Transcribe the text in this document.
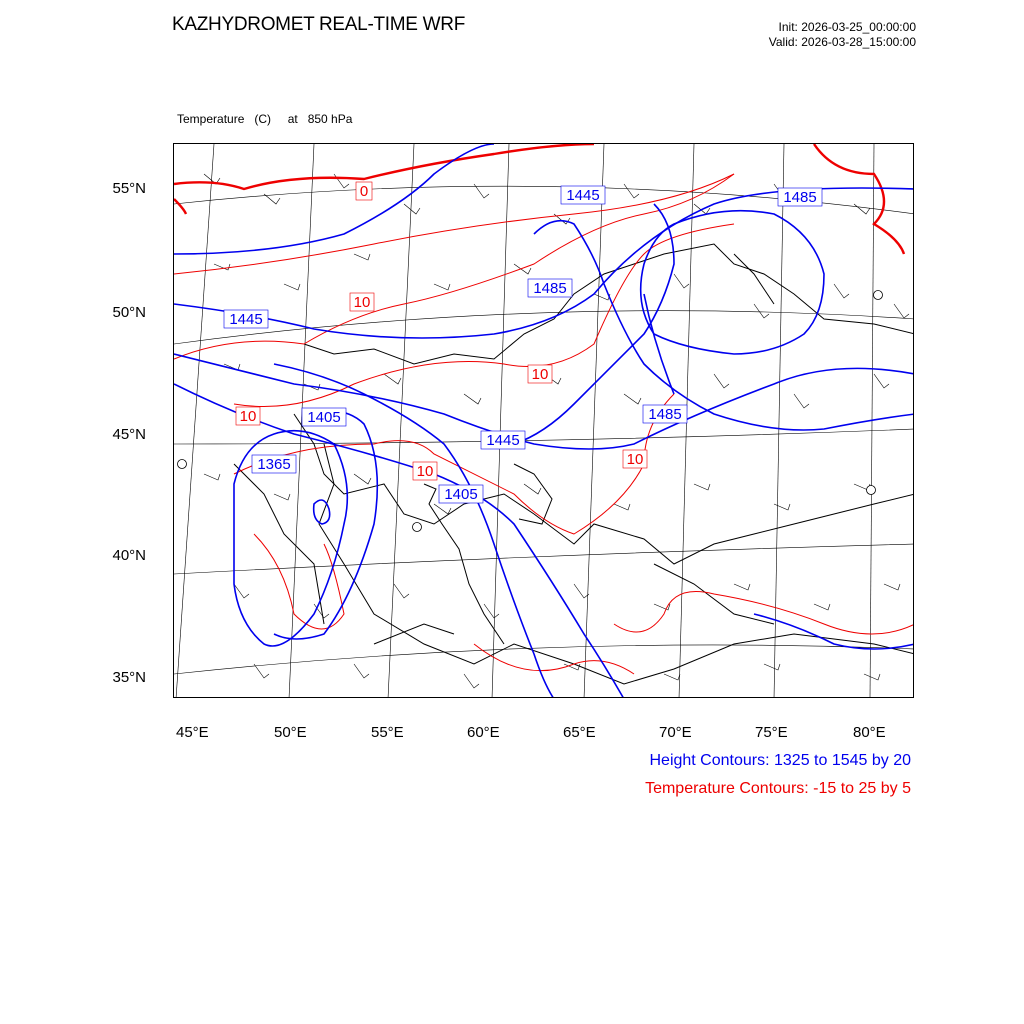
KAZHYDROMET REAL-TIME WRF	Init: 2026-03-25_00:00:00
Valid: 2026-03-28_15:00:00

Temperature   (C)     at   850 hPa

1445	1485
1445
1485
1405	1485
1445
1365
1405
0
10
10
10
10
10
55°N
50°N
45°N
40°N
35°N
45°E	50°E	55°E	60°E	65°E	70°E	75°E	80°E
Height Contours: 1325 to 1545 by 20
Temperature Contours: -15 to 25 by 5
